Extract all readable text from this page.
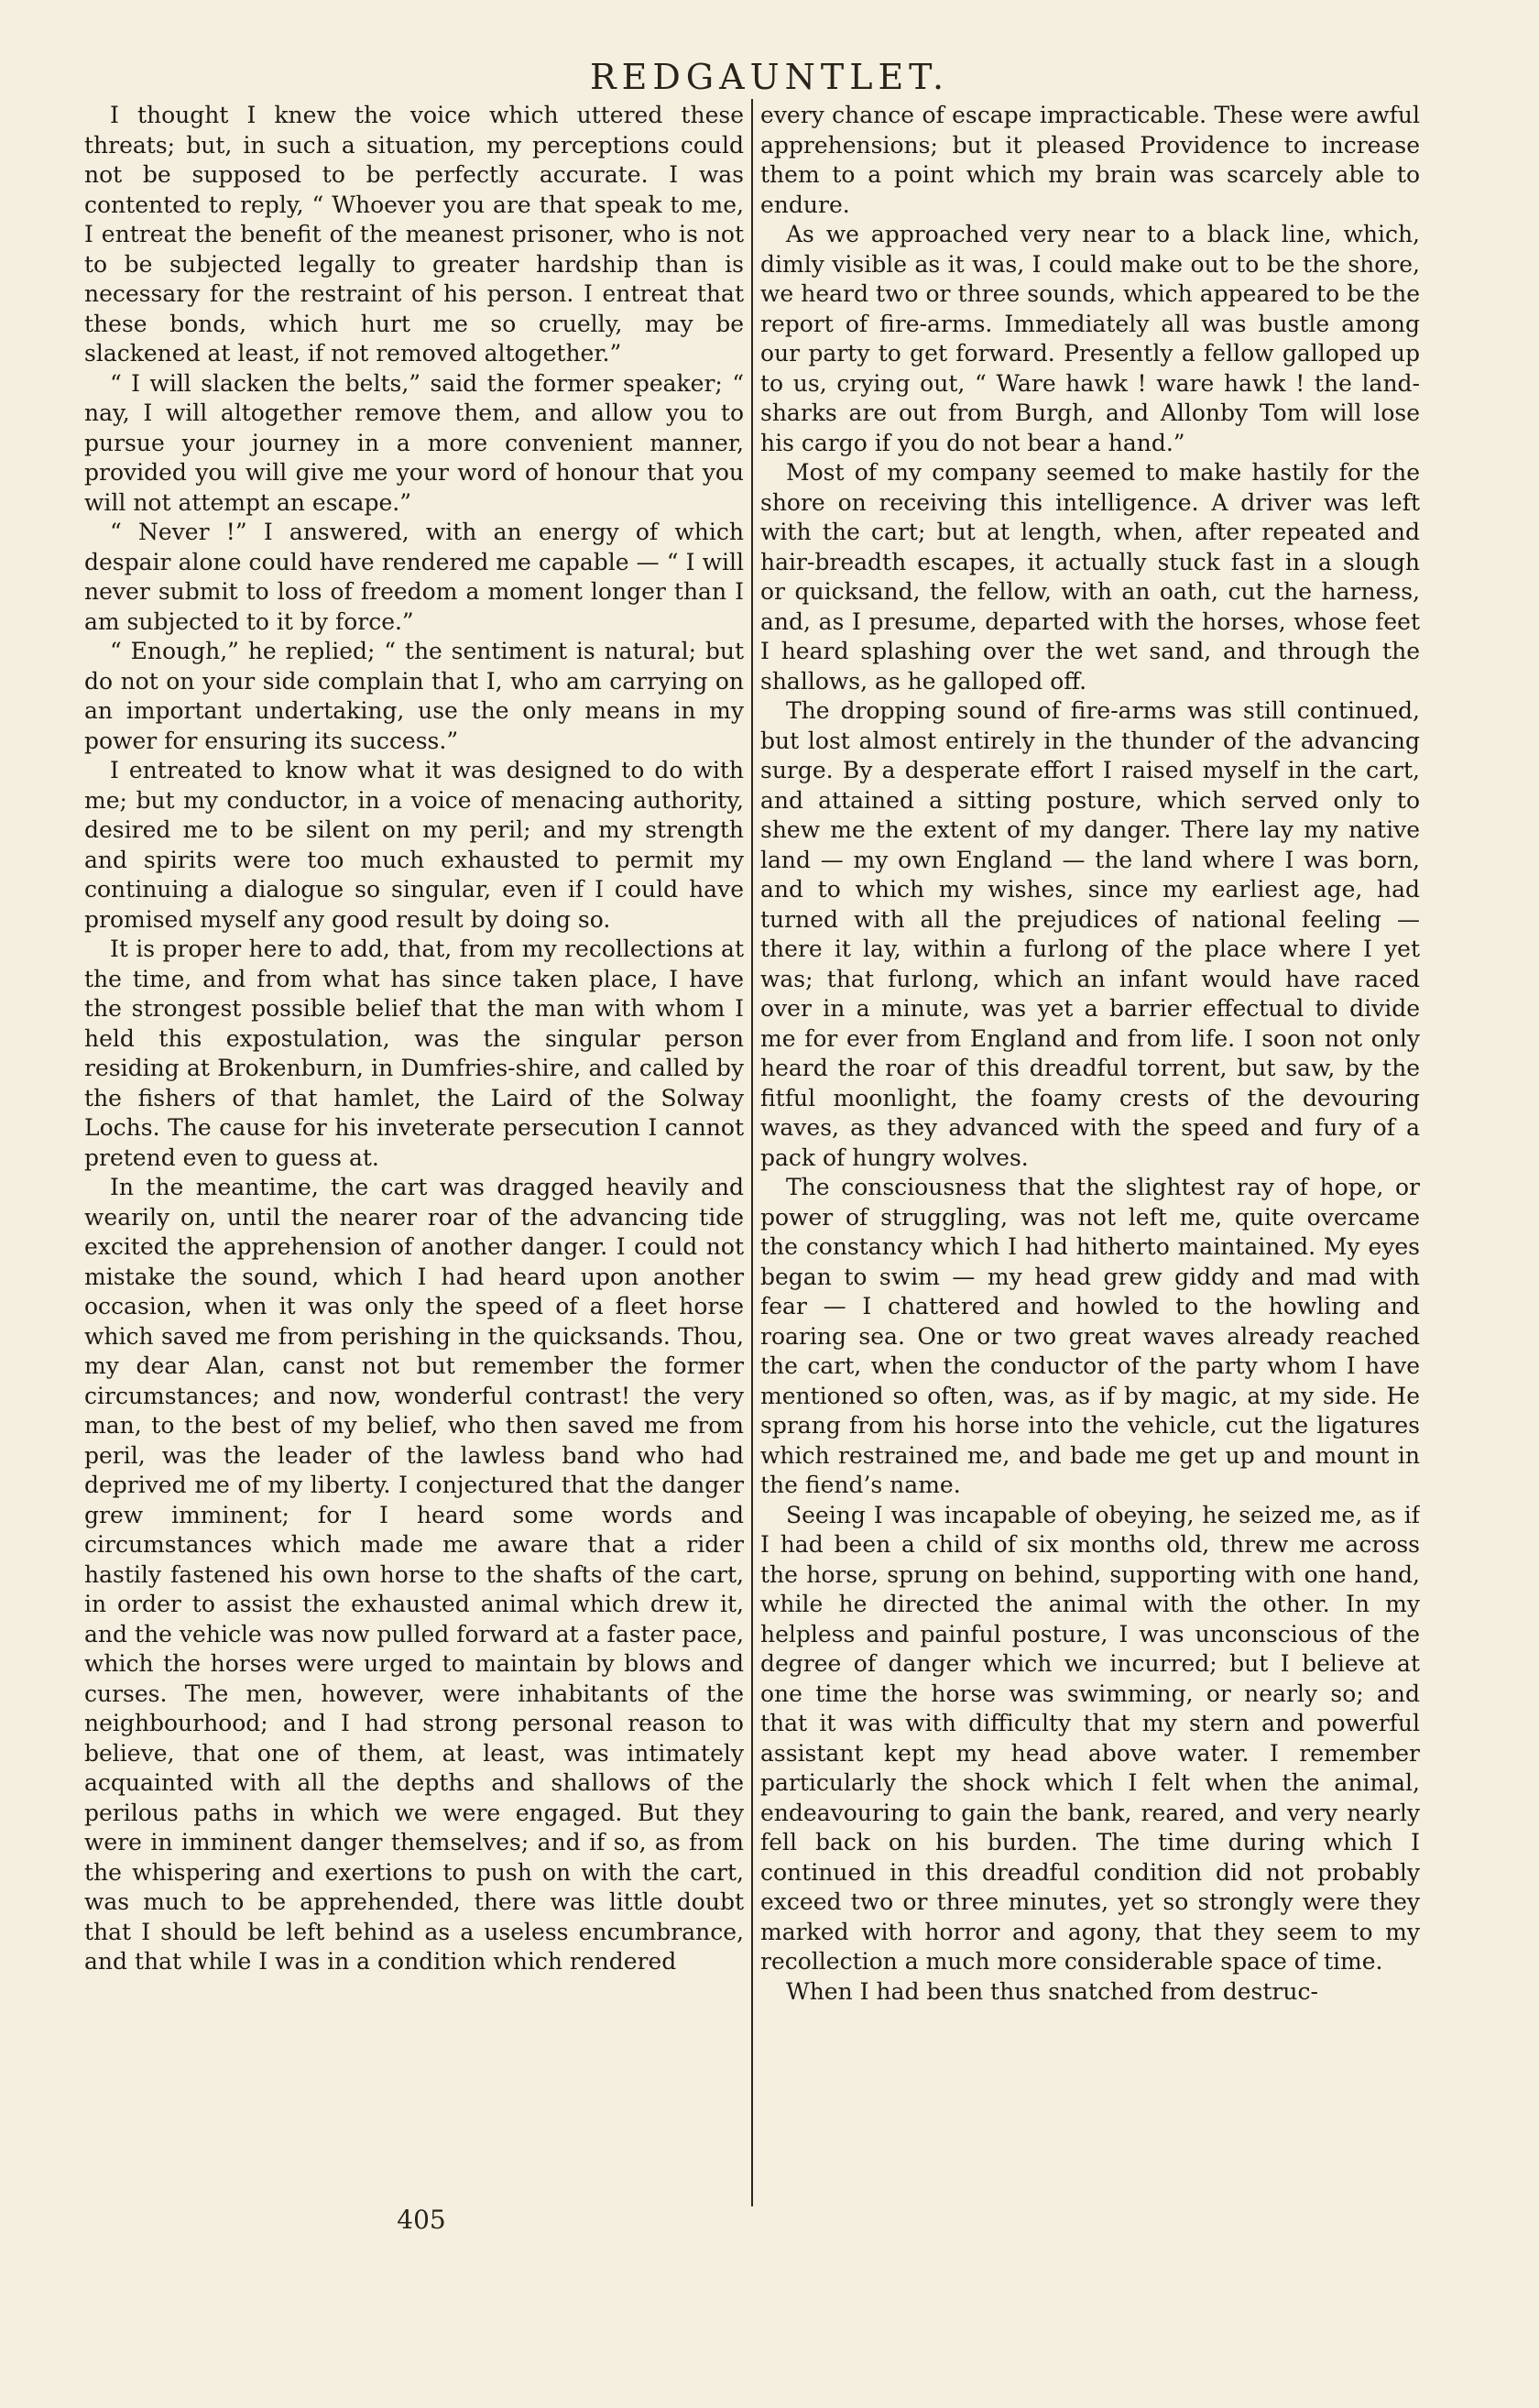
REDGAUNTLET.

I thought I knew the voice which uttered these threats; but, in such a situation, my perceptions could not be supposed to be perfectly accurate. I was contented to reply, “ Whoever you are that speak to me, I entreat the benefit of the meanest prisoner, who is not to be subjected legally to greater hardship than is necessary for the restraint of his person. I entreat that these bonds, which hurt me so cruelly, may be slackened at least, if not removed altogether.”

“ I will slacken the belts,” said the former speaker; “ nay, I will altogether remove them, and allow you to pursue your journey in a more convenient manner, provided you will give me your word of honour that you will not attempt an escape.”

“ Never !” I answered, with an energy of which despair alone could have rendered me capable — “ I will never submit to loss of freedom a moment longer than I am subjected to it by force.”

“ Enough,” he replied; “ the sentiment is natural; but do not on your side complain that I, who am carrying on an important undertaking, use the only means in my power for ensuring its success.”

I entreated to know what it was designed to do with me; but my conductor, in a voice of menacing authority, desired me to be silent on my peril; and my strength and spirits were too much exhausted to permit my continuing a dialogue so singular, even if I could have promised myself any good result by doing so.

It is proper here to add, that, from my recollections at the time, and from what has since taken place, I have the strongest possible belief that the man with whom I held this expostulation, was the singular person residing at Brokenburn, in Dumfries-shire, and called by the fishers of that hamlet, the Laird of the Solway Lochs. The cause for his inveterate persecution I cannot pretend even to guess at.

In the meantime, the cart was dragged heavily and wearily on, until the nearer roar of the advancing tide excited the apprehension of another danger. I could not mistake the sound, which I had heard upon another occasion, when it was only the speed of a fleet horse which saved me from perishing in the quicksands. Thou, my dear Alan, canst not but remember the former circumstances; and now, wonderful contrast! the very man, to the best of my belief, who then saved me from peril, was the leader of the lawless band who had deprived me of my liberty. I conjectured that the danger grew imminent; for I heard some words and circumstances which made me aware that a rider hastily fastened his own horse to the shafts of the cart, in order to assist the exhausted animal which drew it, and the vehicle was now pulled forward at a faster pace, which the horses were urged to maintain by blows and curses. The men, however, were inhabitants of the neighbourhood; and I had strong personal reason to believe, that one of them, at least, was intimately acquainted with all the depths and shallows of the perilous paths in which we were engaged. But they were in imminent danger themselves; and if so, as from the whispering and exertions to push on with the cart, was much to be apprehended, there was little doubt that I should be left behind as a useless encumbrance, and that while I was in a condition which rendered

every chance of escape impracticable. These were awful apprehensions; but it pleased Providence to increase them to a point which my brain was scarcely able to endure.

As we approached very near to a black line, which, dimly visible as it was, I could make out to be the shore, we heard two or three sounds, which appeared to be the report of fire-arms. Immediately all was bustle among our party to get forward. Presently a fellow galloped up to us, crying out, “ Ware hawk ! ware hawk ! the land-sharks are out from Burgh, and Allonby Tom will lose his cargo if you do not bear a hand.”

Most of my company seemed to make hastily for the shore on receiving this intelligence. A driver was left with the cart; but at length, when, after repeated and hair-breadth escapes, it actually stuck fast in a slough or quicksand, the fellow, with an oath, cut the harness, and, as I presume, departed with the horses, whose feet I heard splashing over the wet sand, and through the shallows, as he galloped off.

The dropping sound of fire-arms was still continued, but lost almost entirely in the thunder of the advancing surge. By a desperate effort I raised myself in the cart, and attained a sitting posture, which served only to shew me the extent of my danger. There lay my native land — my own England — the land where I was born, and to which my wishes, since my earliest age, had turned with all the prejudices of national feeling — there it lay, within a furlong of the place where I yet was; that furlong, which an infant would have raced over in a minute, was yet a barrier effectual to divide me for ever from England and from life. I soon not only heard the roar of this dreadful torrent, but saw, by the fitful moonlight, the foamy crests of the devouring waves, as they advanced with the speed and fury of a pack of hungry wolves.

The consciousness that the slightest ray of hope, or power of struggling, was not left me, quite overcame the constancy which I had hitherto maintained. My eyes began to swim — my head grew giddy and mad with fear — I chattered and howled to the howling and roaring sea. One or two great waves already reached the cart, when the conductor of the party whom I have mentioned so often, was, as if by magic, at my side. He sprang from his horse into the vehicle, cut the ligatures which restrained me, and bade me get up and mount in the fiend’s name.

Seeing I was incapable of obeying, he seized me, as if I had been a child of six months old, threw me across the horse, sprung on behind, supporting with one hand, while he directed the animal with the other. In my helpless and painful posture, I was unconscious of the degree of danger which we incurred; but I believe at one time the horse was swimming, or nearly so; and that it was with difficulty that my stern and powerful assistant kept my head above water. I remember particularly the shock which I felt when the animal, endeavouring to gain the bank, reared, and very nearly fell back on his burden. The time during which I continued in this dreadful condition did not probably exceed two or three minutes, yet so strongly were they marked with horror and agony, that they seem to my recollection a much more considerable space of time.

When I had been thus snatched from destruc-

405
